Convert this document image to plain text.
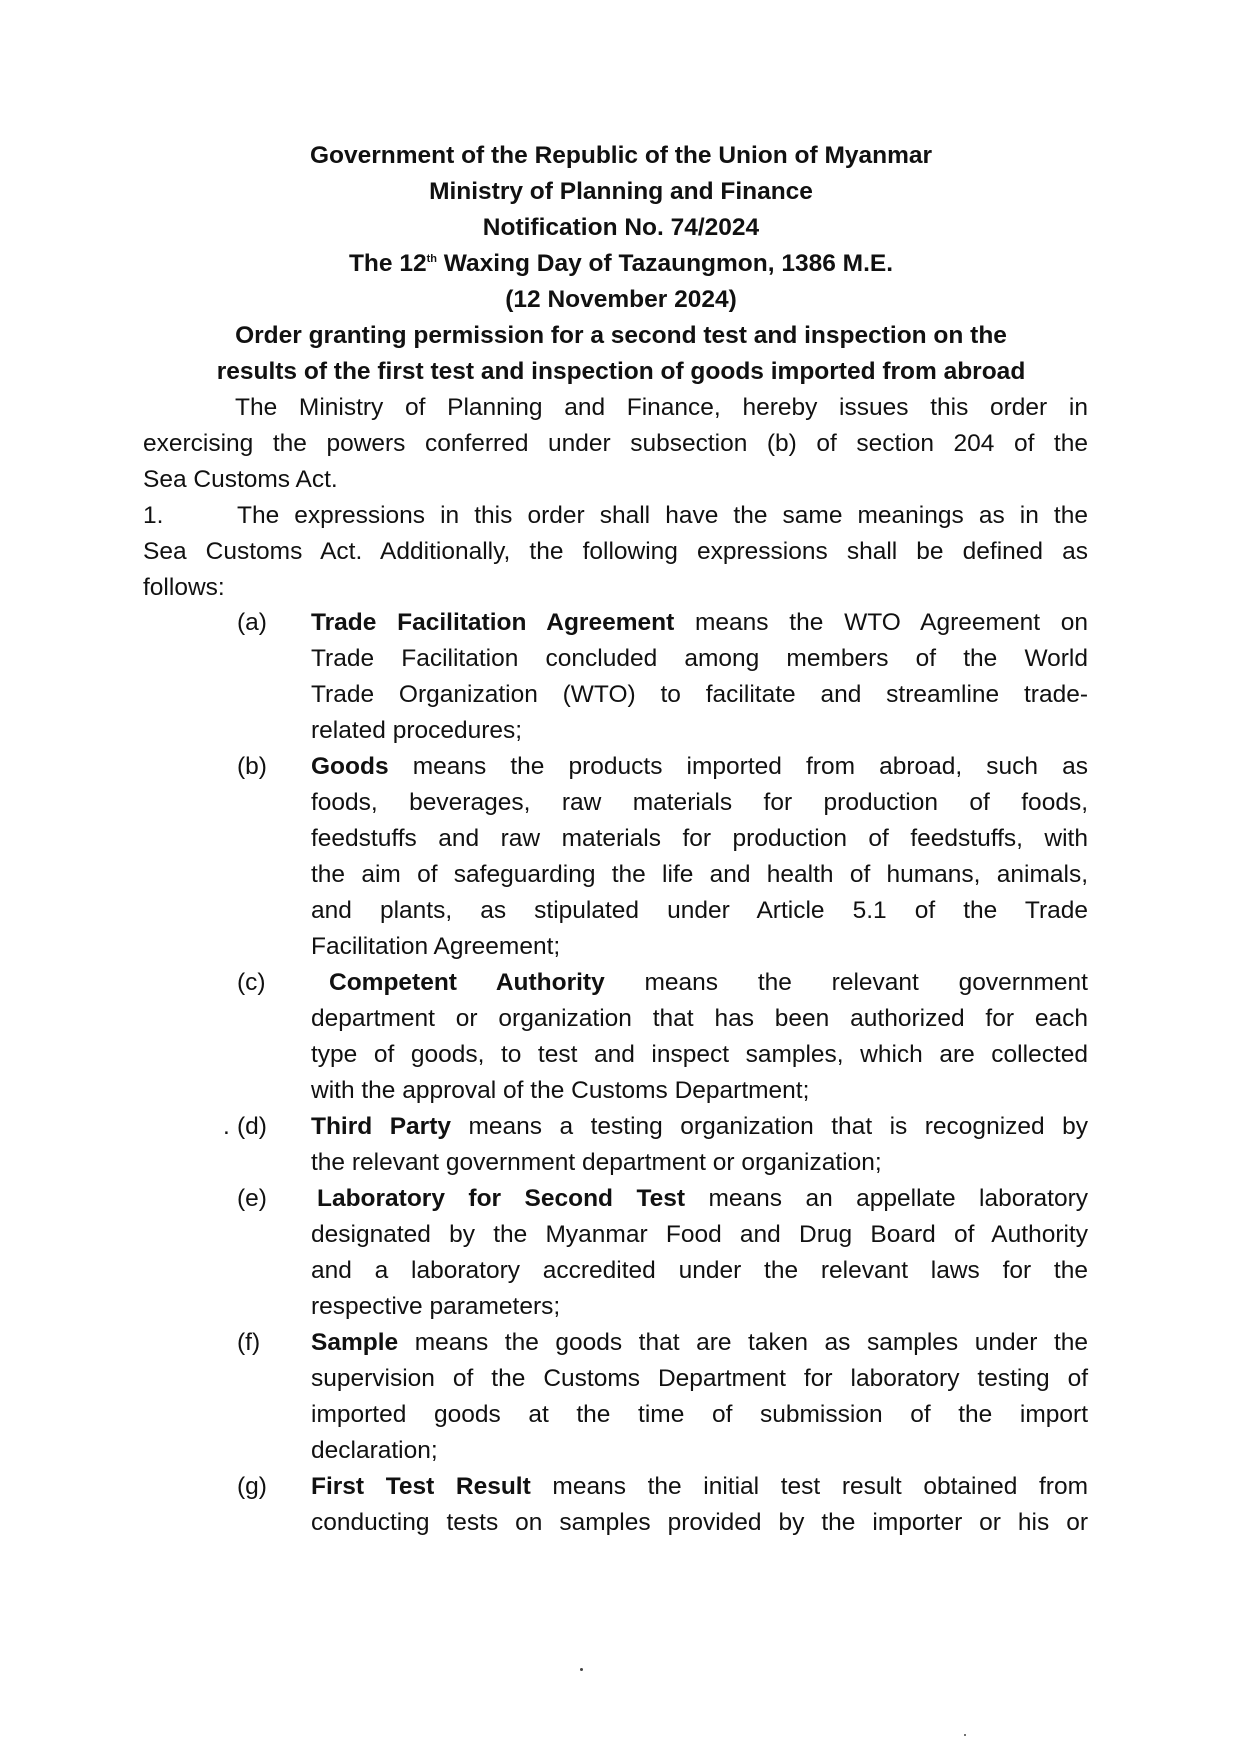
Government of the Republic of the Union of Myanmar
Ministry of Planning and Finance
Notification No. 74/2024
The 12th Waxing Day of Tazaungmon, 1386 M.E.
(12 November 2024)
Order granting permission for a second test and inspection on the
results of the first test and inspection of goods imported from abroad
The Ministry of Planning and Finance, hereby issues this order in
exercising the powers conferred under subsection (b) of section 204 of the
Sea Customs Act.
1.	The expressions in this order shall have the same meanings as in the
Sea Customs Act. Additionally, the following expressions shall be defined as
follows:
(a) Trade Facilitation Agreement means the WTO Agreement on
Trade Facilitation concluded among members of the World
Trade Organization (WTO) to facilitate and streamline trade-
related procedures;
(b) Goods means the products imported from abroad, such as
foods, beverages, raw materials for production of foods,
feedstuffs and raw materials for production of feedstuffs, with
the aim of safeguarding the life and health of humans, animals,
and plants, as stipulated under Article 5.1 of the Trade
Facilitation Agreement;
(c)	Competent Authority means the relevant government
department or organization that has been authorized for each
type of goods, to test and inspect samples, which are collected
with the approval of the Customs Department;
. (d) Third Party means a testing organization that is recognized by
the relevant government department or organization;
(e) Laboratory for Second Test means an appellate laboratory
designated by the Myanmar Food and Drug Board of Authority
and a laboratory accredited under the relevant laws for the
respective parameters;
(f) Sample means the goods that are taken as samples under the
supervision of the Customs Department for laboratory testing of
imported goods at the time of submission of the import
declaration;
(g) First Test Result means the initial test result obtained from
conducting tests on samples provided by the importer or his or
